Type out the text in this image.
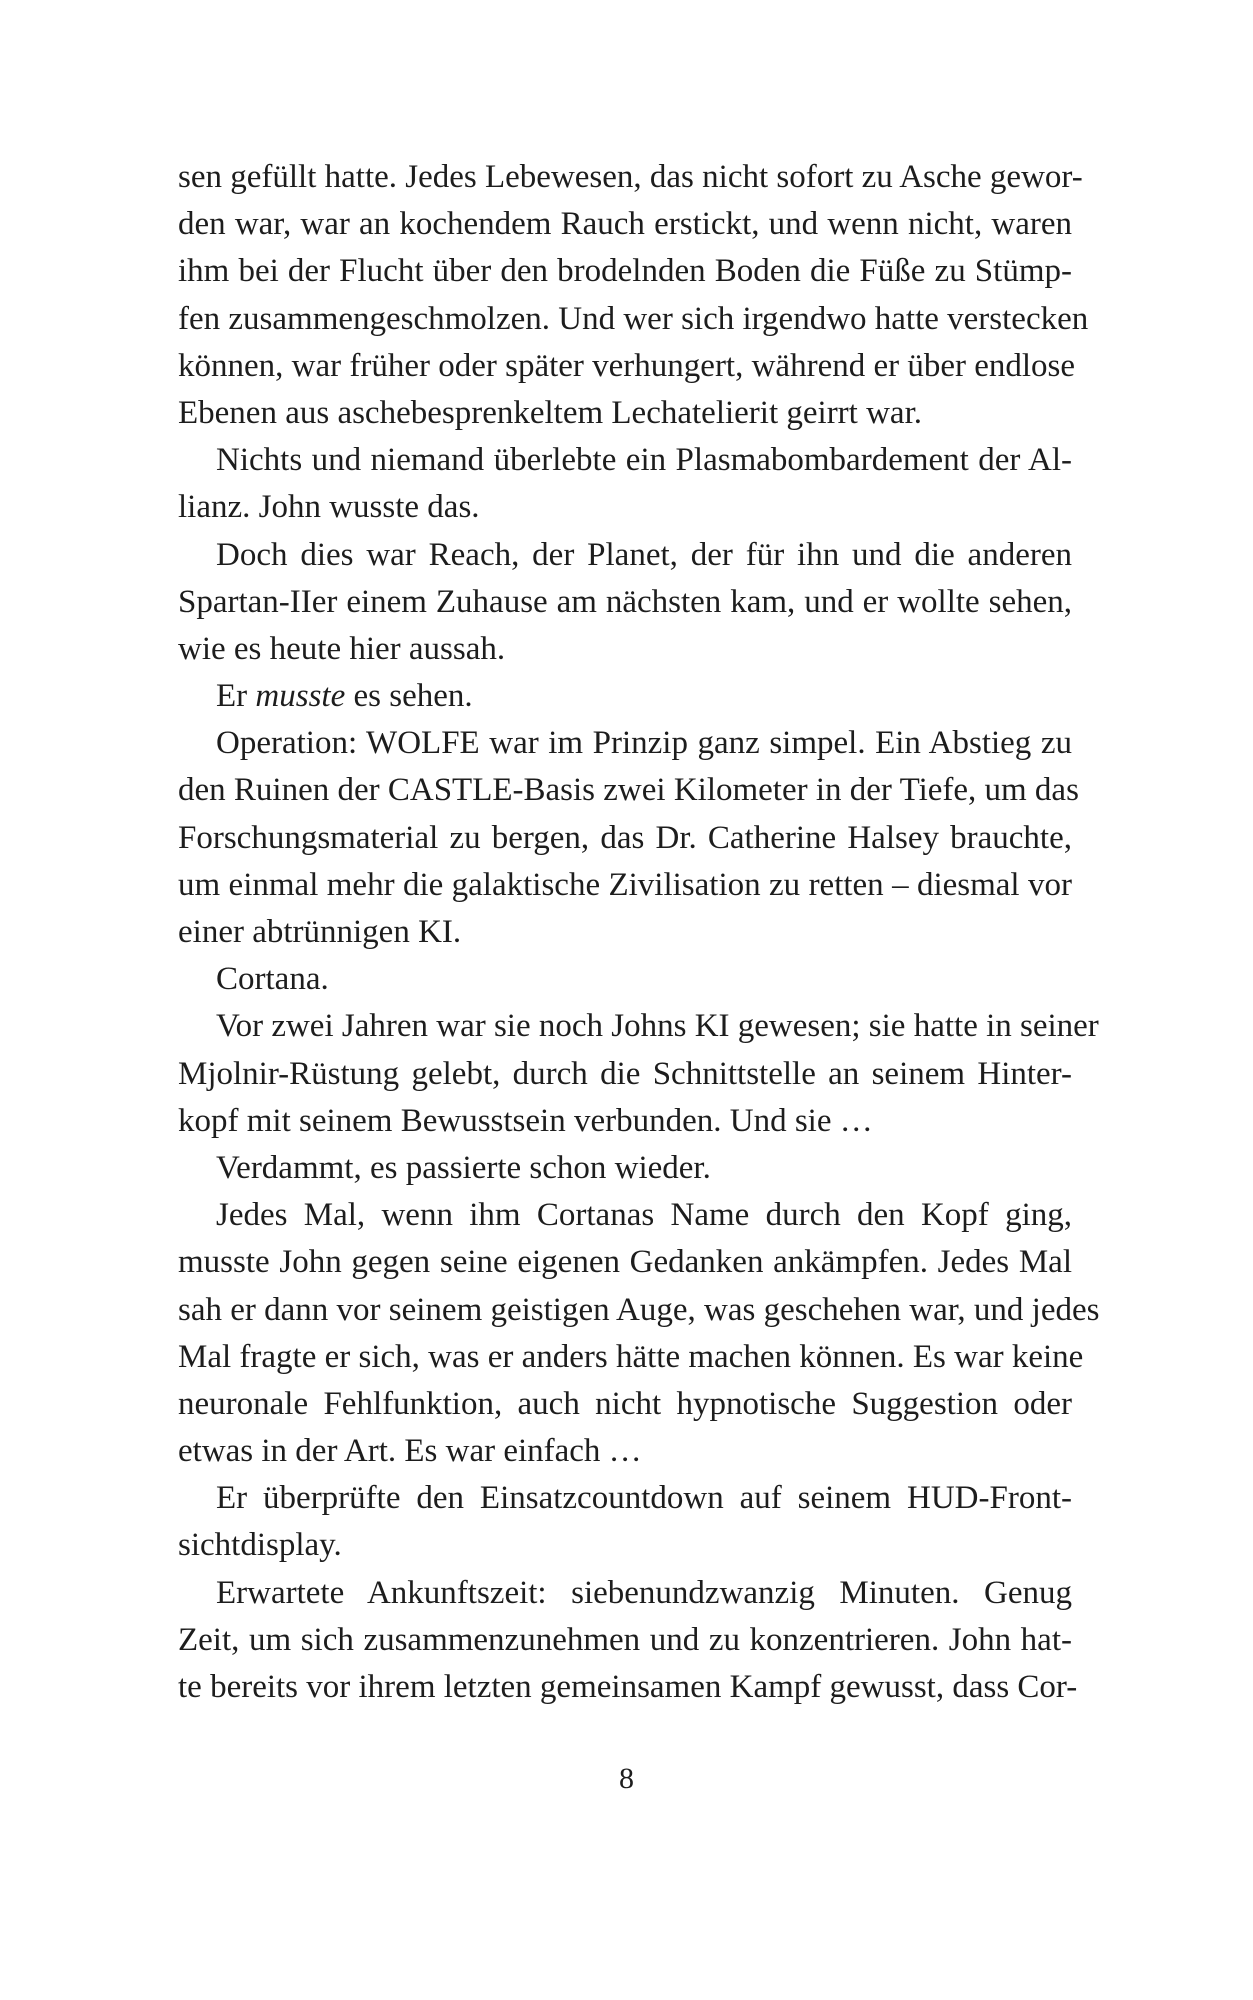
sen gefüllt hatte. Jedes Lebewesen, das nicht sofort zu Asche gewor-
den war, war an kochendem Rauch erstickt, und wenn nicht, waren
ihm bei der Flucht über den brodelnden Boden die Füße zu Stümp-
fen zusammengeschmolzen. Und wer sich irgendwo hatte verstecken
können, war früher oder später verhungert, während er über endlose
Ebenen aus aschebesprenkeltem Lechatelierit geirrt war.
Nichts und niemand überlebte ein Plasmabombardement der Al-
lianz. John wusste das.
Doch dies war Reach, der Planet, der für ihn und die anderen
Spartan-IIer einem Zuhause am nächsten kam, und er wollte sehen,
wie es heute hier aussah.
Er musste es sehen.
Operation: WOLFE war im Prinzip ganz simpel. Ein Abstieg zu
den Ruinen der CASTLE-Basis zwei Kilometer in der Tiefe, um das
Forschungsmaterial zu bergen, das Dr. Catherine Halsey brauchte,
um einmal mehr die galaktische Zivilisation zu retten – diesmal vor
einer abtrünnigen KI.
Cortana.
Vor zwei Jahren war sie noch Johns KI gewesen; sie hatte in seiner
Mjolnir-Rüstung gelebt, durch die Schnittstelle an seinem Hinter-
kopf mit seinem Bewusstsein verbunden. Und sie …
Verdammt, es passierte schon wieder.
Jedes Mal, wenn ihm Cortanas Name durch den Kopf ging,
musste John gegen seine eigenen Gedanken ankämpfen. Jedes Mal
sah er dann vor seinem geistigen Auge, was geschehen war, und jedes
Mal fragte er sich, was er anders hätte machen können. Es war keine
neuronale Fehlfunktion, auch nicht hypnotische Suggestion oder
etwas in der Art. Es war einfach …
Er überprüfte den Einsatzcountdown auf seinem HUD-Front-
sichtdisplay.
Erwartete Ankunftszeit: siebenundzwanzig Minuten. Genug
Zeit, um sich zusammenzunehmen und zu konzentrieren. John hat-
te bereits vor ihrem letzten gemeinsamen Kampf gewusst, dass Cor-
8
